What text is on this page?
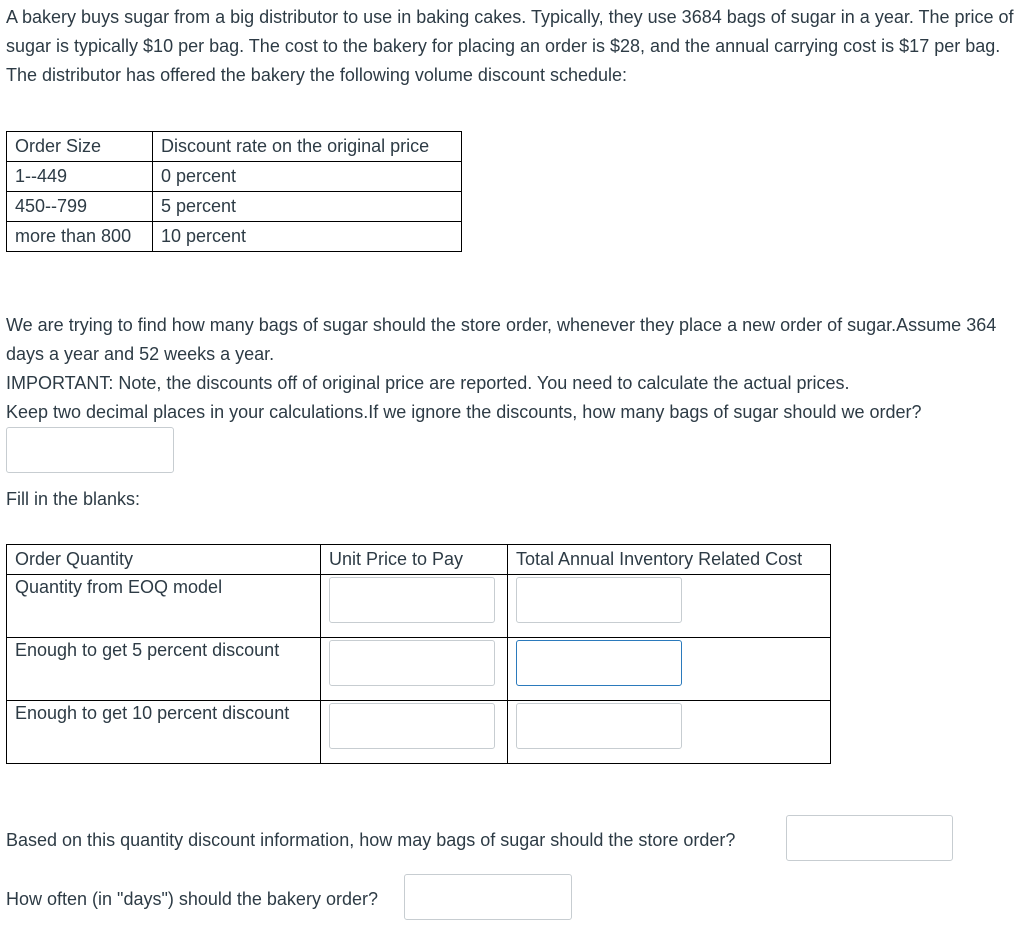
A bakery buys sugar from a big distributor to use in baking cakes. Typically, they use 3684 bags of sugar in a year. The price of sugar is typically $10 per bag. The cost to the bakery for placing an order is $28, and the annual carrying cost is $17 per bag. The distributor has offered the bakery the following volume discount schedule:

Order Size	Discount rate on the original price
1--449	0 percent
450--799	5 percent
more than 800	10 percent
We are trying to find how many bags of sugar should the store order, whenever they place a new order of sugar.Assume 364 days a year and 52 weeks a year.
IMPORTANT: Note, the discounts off of original price are reported. You need to calculate the actual prices.
Keep two decimal places in your calculations.If we ignore the discounts, how many bags of sugar should we order?
Fill in the blanks:
Order Quantity	Unit Price to Pay	Total Annual Inventory Related Cost
Quantity from EOQ model	

Enough to get 5 percent discount	

Enough to get 10 percent discount	

Based on this quantity discount information, how may bags of sugar should the store order?
How often (in "days") should the bakery order?
